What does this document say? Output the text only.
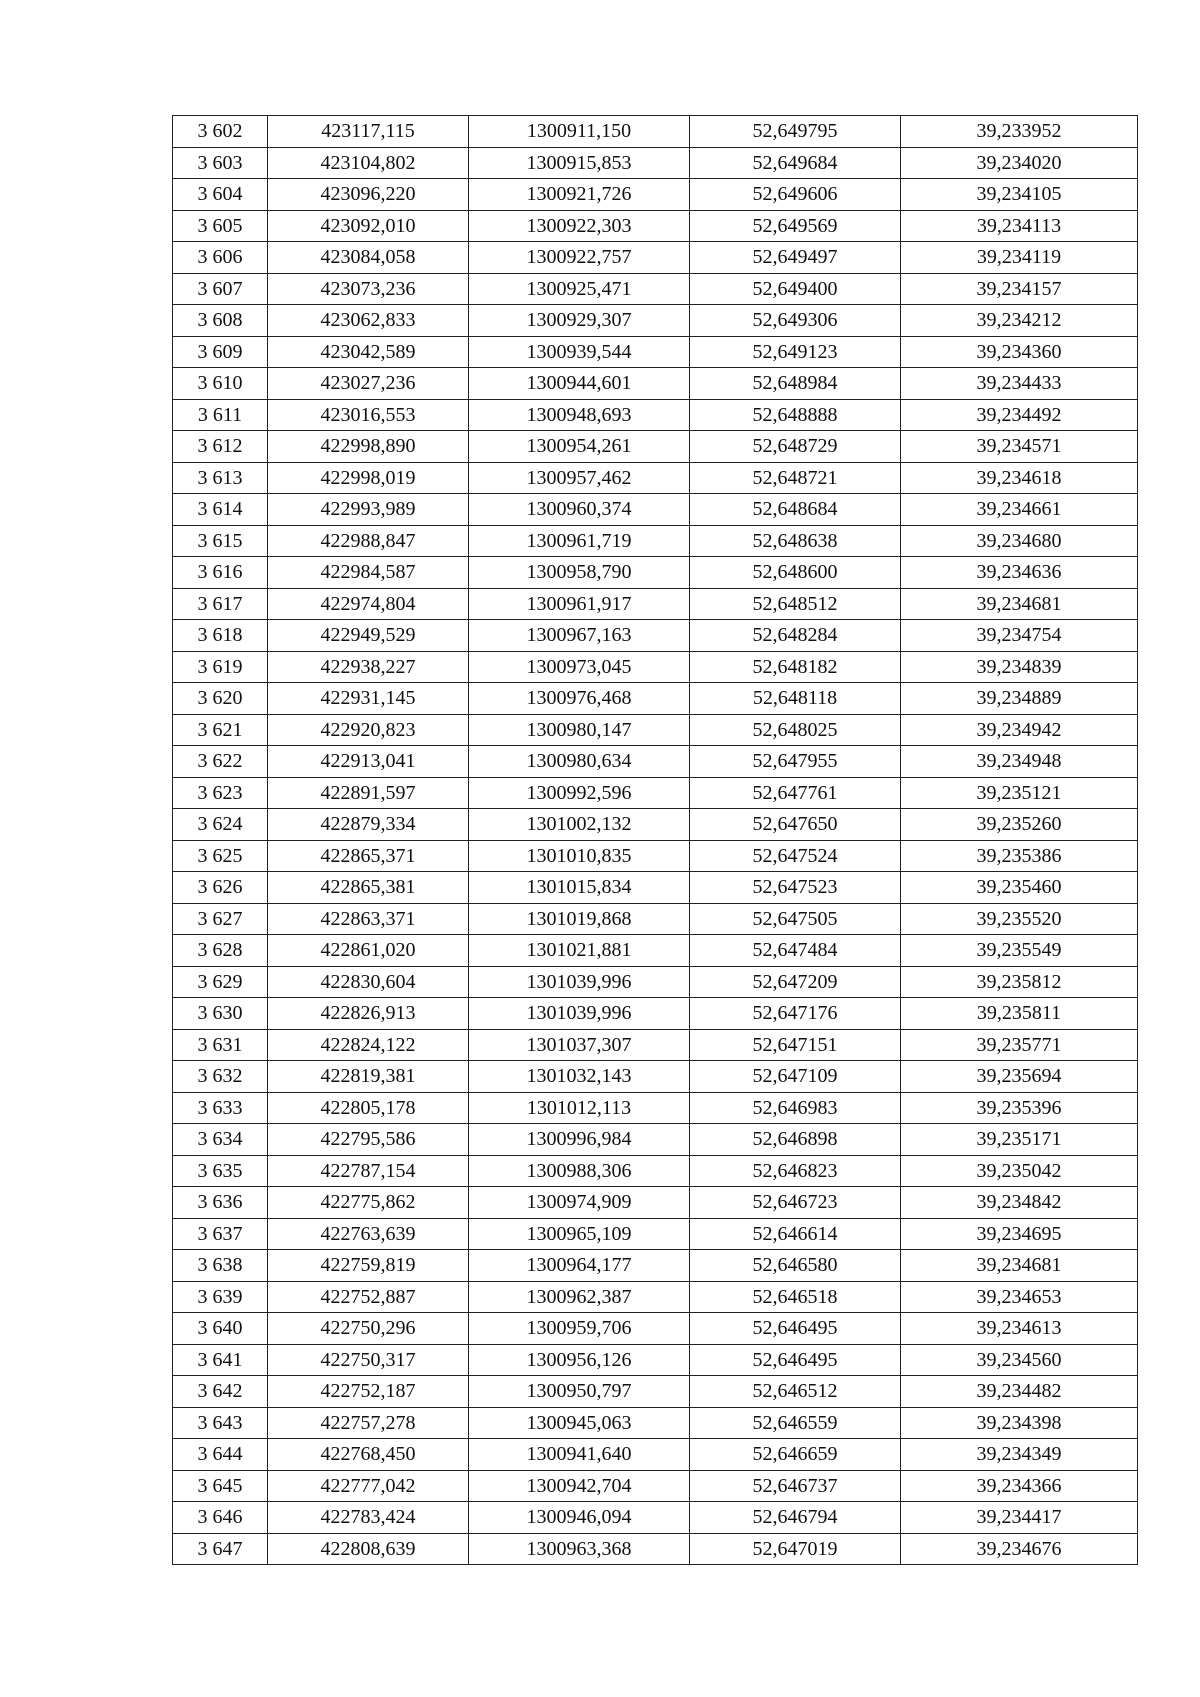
3 602	423117,115	1300911,150	52,649795	39,233952
3 603	423104,802	1300915,853	52,649684	39,234020
3 604	423096,220	1300921,726	52,649606	39,234105
3 605	423092,010	1300922,303	52,649569	39,234113
3 606	423084,058	1300922,757	52,649497	39,234119
3 607	423073,236	1300925,471	52,649400	39,234157
3 608	423062,833	1300929,307	52,649306	39,234212
3 609	423042,589	1300939,544	52,649123	39,234360
3 610	423027,236	1300944,601	52,648984	39,234433
3 611	423016,553	1300948,693	52,648888	39,234492
3 612	422998,890	1300954,261	52,648729	39,234571
3 613	422998,019	1300957,462	52,648721	39,234618
3 614	422993,989	1300960,374	52,648684	39,234661
3 615	422988,847	1300961,719	52,648638	39,234680
3 616	422984,587	1300958,790	52,648600	39,234636
3 617	422974,804	1300961,917	52,648512	39,234681
3 618	422949,529	1300967,163	52,648284	39,234754
3 619	422938,227	1300973,045	52,648182	39,234839
3 620	422931,145	1300976,468	52,648118	39,234889
3 621	422920,823	1300980,147	52,648025	39,234942
3 622	422913,041	1300980,634	52,647955	39,234948
3 623	422891,597	1300992,596	52,647761	39,235121
3 624	422879,334	1301002,132	52,647650	39,235260
3 625	422865,371	1301010,835	52,647524	39,235386
3 626	422865,381	1301015,834	52,647523	39,235460
3 627	422863,371	1301019,868	52,647505	39,235520
3 628	422861,020	1301021,881	52,647484	39,235549
3 629	422830,604	1301039,996	52,647209	39,235812
3 630	422826,913	1301039,996	52,647176	39,235811
3 631	422824,122	1301037,307	52,647151	39,235771
3 632	422819,381	1301032,143	52,647109	39,235694
3 633	422805,178	1301012,113	52,646983	39,235396
3 634	422795,586	1300996,984	52,646898	39,235171
3 635	422787,154	1300988,306	52,646823	39,235042
3 636	422775,862	1300974,909	52,646723	39,234842
3 637	422763,639	1300965,109	52,646614	39,234695
3 638	422759,819	1300964,177	52,646580	39,234681
3 639	422752,887	1300962,387	52,646518	39,234653
3 640	422750,296	1300959,706	52,646495	39,234613
3 641	422750,317	1300956,126	52,646495	39,234560
3 642	422752,187	1300950,797	52,646512	39,234482
3 643	422757,278	1300945,063	52,646559	39,234398
3 644	422768,450	1300941,640	52,646659	39,234349
3 645	422777,042	1300942,704	52,646737	39,234366
3 646	422783,424	1300946,094	52,646794	39,234417
3 647	422808,639	1300963,368	52,647019	39,234676
